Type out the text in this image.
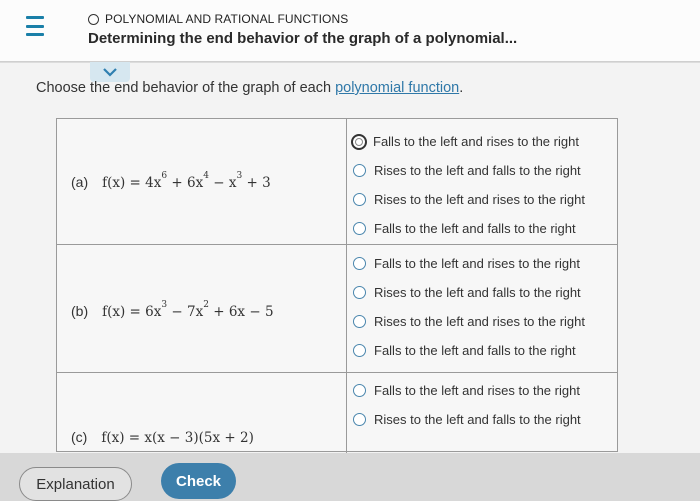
POLYNOMIAL AND RATIONAL FUNCTIONS
Determining the end behavior of the graph of a polynomial...
Choose the end behavior of the graph of each polynomial function.
(a) $f(x) = 4x^6 + 6x^4 - x^3 + 3$
Falls to the left and rises to the right
Rises to the left and falls to the right
Rises to the left and rises to the right
Falls to the left and falls to the right
(b) $f(x) = 6x^3 - 7x^2 + 6x - 5$
Falls to the left and rises to the right
Rises to the left and falls to the right
Rises to the left and rises to the right
Falls to the left and falls to the right
(c) f(x) = x(x − 3)(5x + 2)
Falls to the left and rises to the right
Rises to the left and falls to the right
Explanation	Check
